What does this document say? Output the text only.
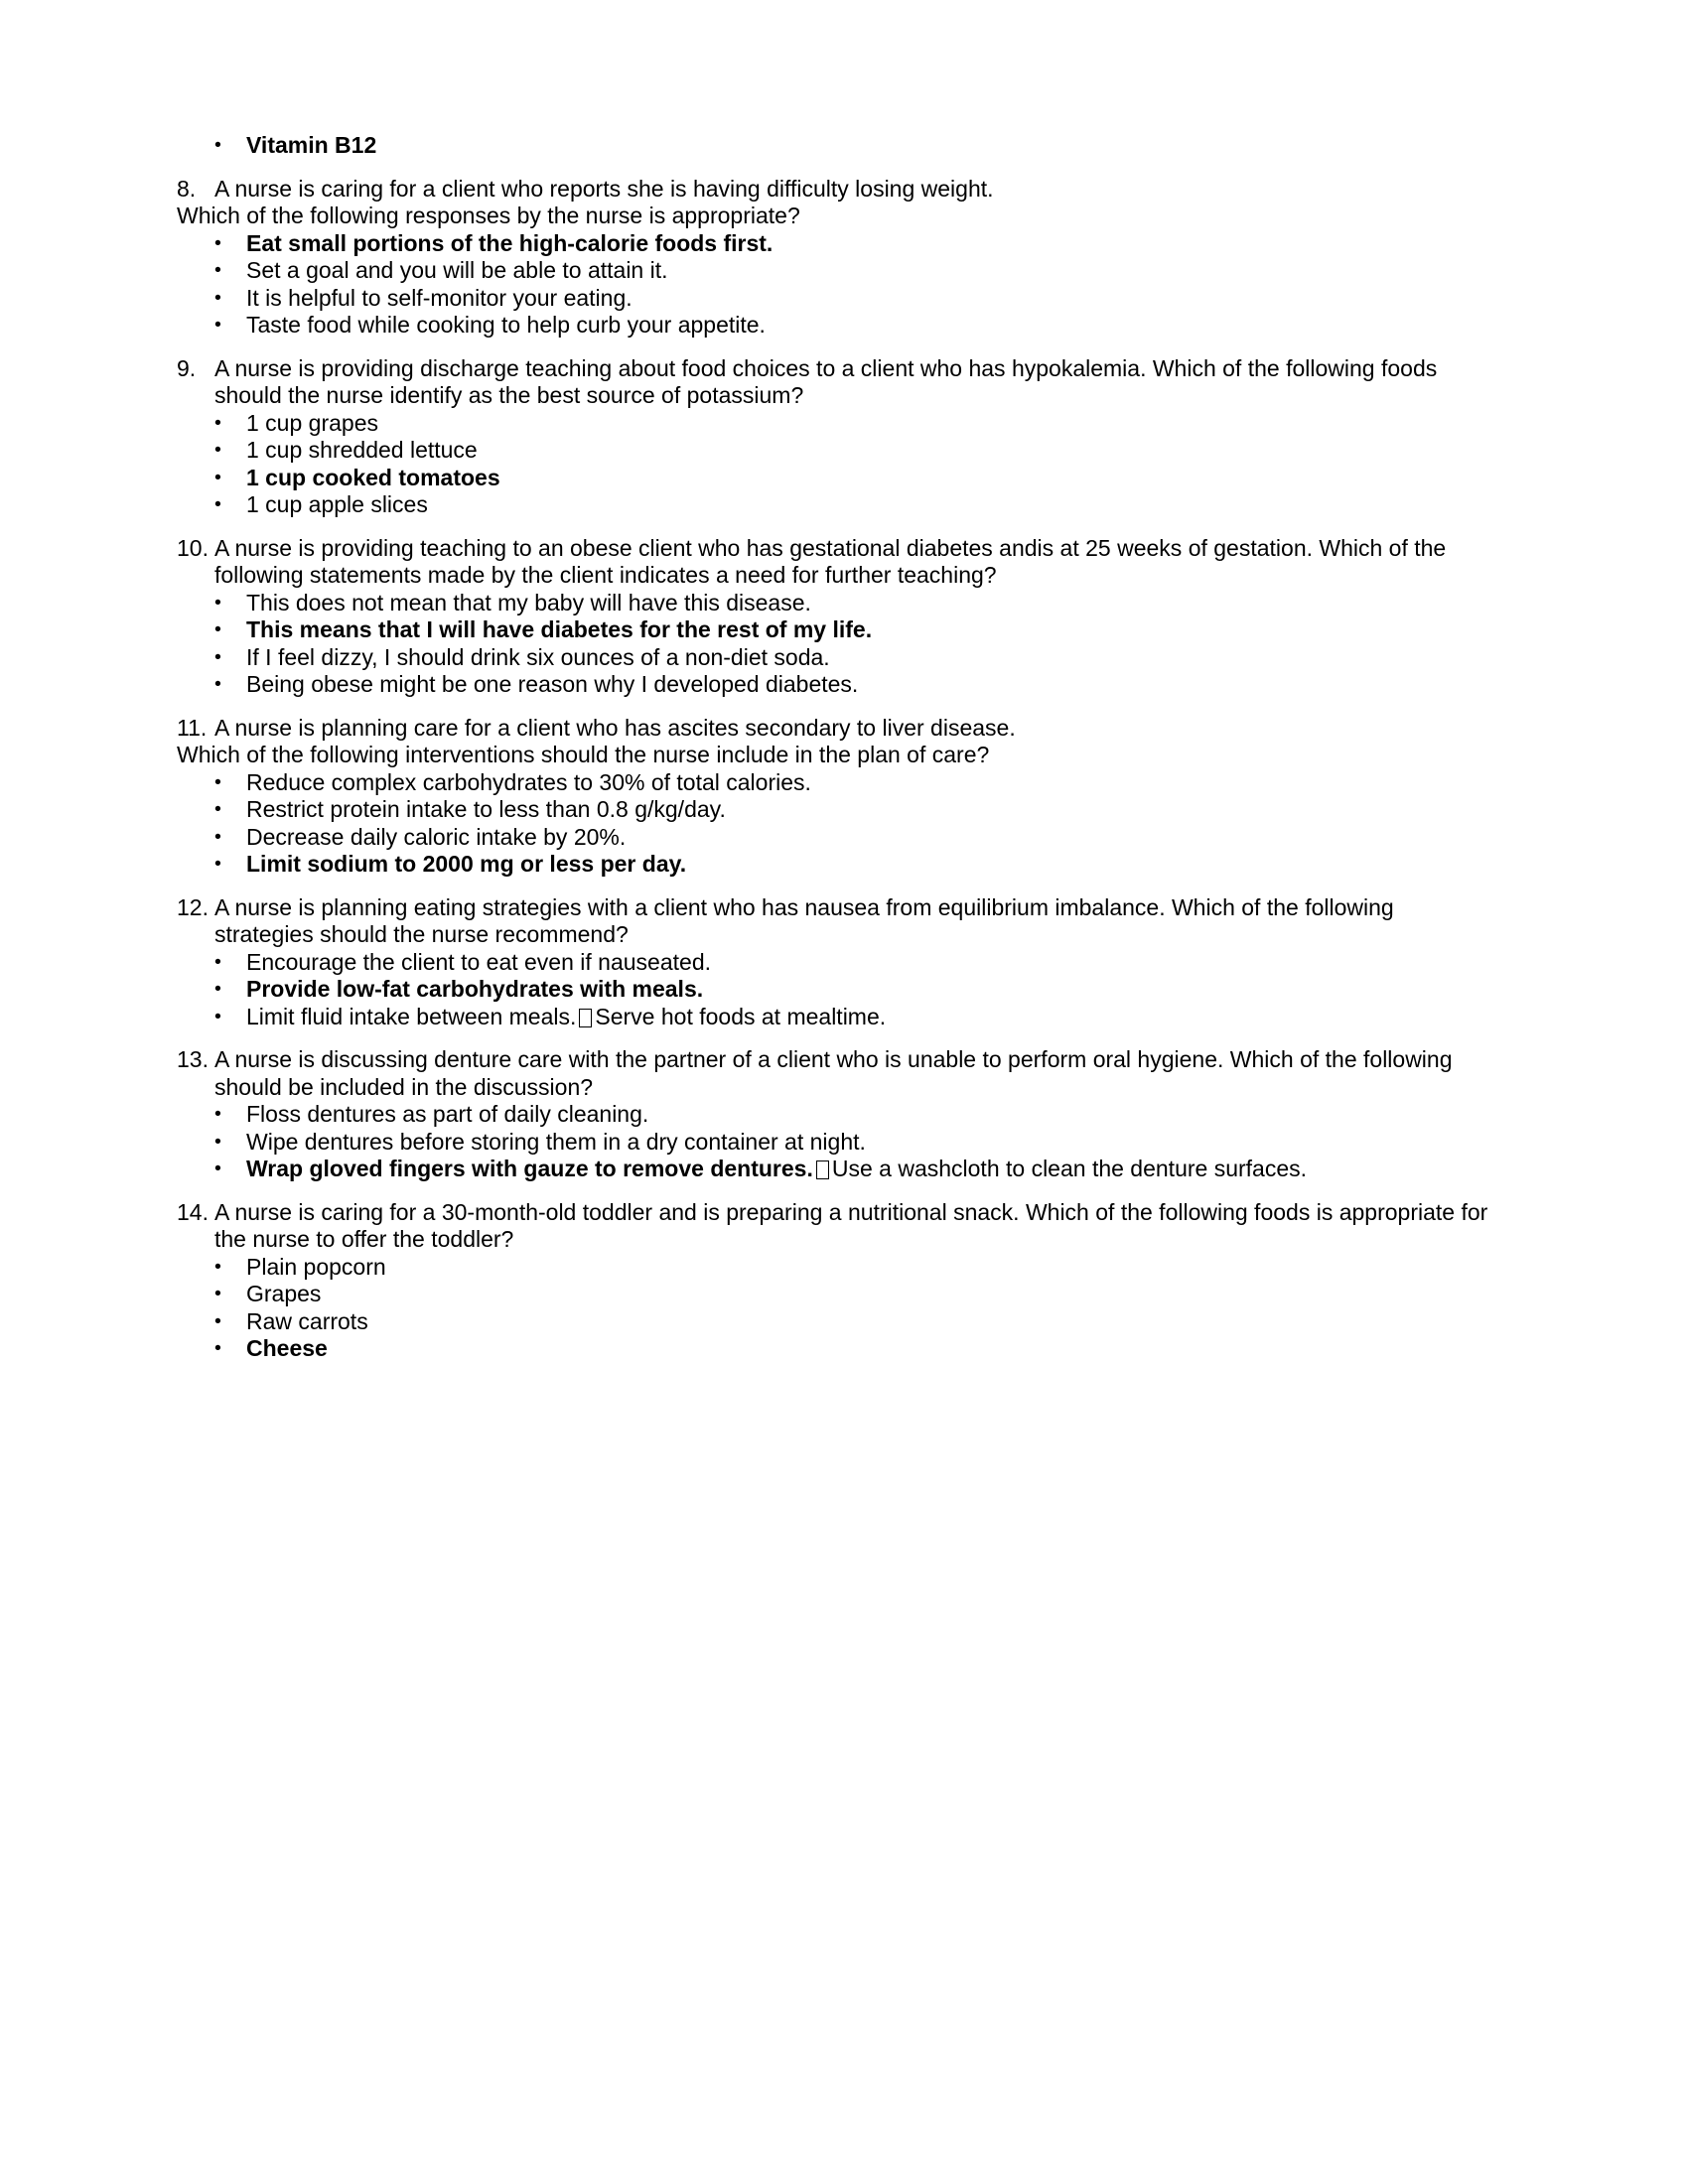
• Vitamin B12
8. A nurse is caring for a client who reports she is having difficulty losing weight.
Which of the following responses by the nurse is appropriate?
• Eat small portions of the high-calorie foods first.
• Set a goal and you will be able to attain it.
• It is helpful to self-monitor your eating.
• Taste food while cooking to help curb your appetite.
9. A nurse is providing discharge teaching about food choices to a client who has hypokalemia. Which of the following foods should the nurse identify as the best source of potassium?
• 1 cup grapes
• 1 cup shredded lettuce
• 1 cup cooked tomatoes
• 1 cup apple slices
10. A nurse is providing teaching to an obese client who has gestational diabetes andis at 25 weeks of gestation. Which of the following statements made by the client indicates a need for further teaching?
• This does not mean that my baby will have this disease.
• This means that I will have diabetes for the rest of my life.
• If I feel dizzy, I should drink six ounces of a non-diet soda.
• Being obese might be one reason why I developed diabetes.
11. A nurse is planning care for a client who has ascites secondary to liver disease.
Which of the following interventions should the nurse include in the plan of care?
• Reduce complex carbohydrates to 30% of total calories.
• Restrict protein intake to less than 0.8 g/kg/day.
• Decrease daily caloric intake by 20%.
• Limit sodium to 2000 mg or less per day.
12. A nurse is planning eating strategies with a client who has nausea from equilibrium imbalance. Which of the following strategies should the nurse recommend?
• Encourage the client to eat even if nauseated.
• Provide low-fat carbohydrates with meals.
• Limit fluid intake between meals. Serve hot foods at mealtime.
13. A nurse is discussing denture care with the partner of a client who is unable to perform oral hygiene. Which of the following should be included in the discussion?
• Floss dentures as part of daily cleaning.
• Wipe dentures before storing them in a dry container at night.
• Wrap gloved fingers with gauze to remove dentures. Use a washcloth to clean the denture surfaces.
14. A nurse is caring for a 30-month-old toddler and is preparing a nutritional snack. Which of the following foods is appropriate for the nurse to offer the toddler?
• Plain popcorn
• Grapes
• Raw carrots
• Cheese
